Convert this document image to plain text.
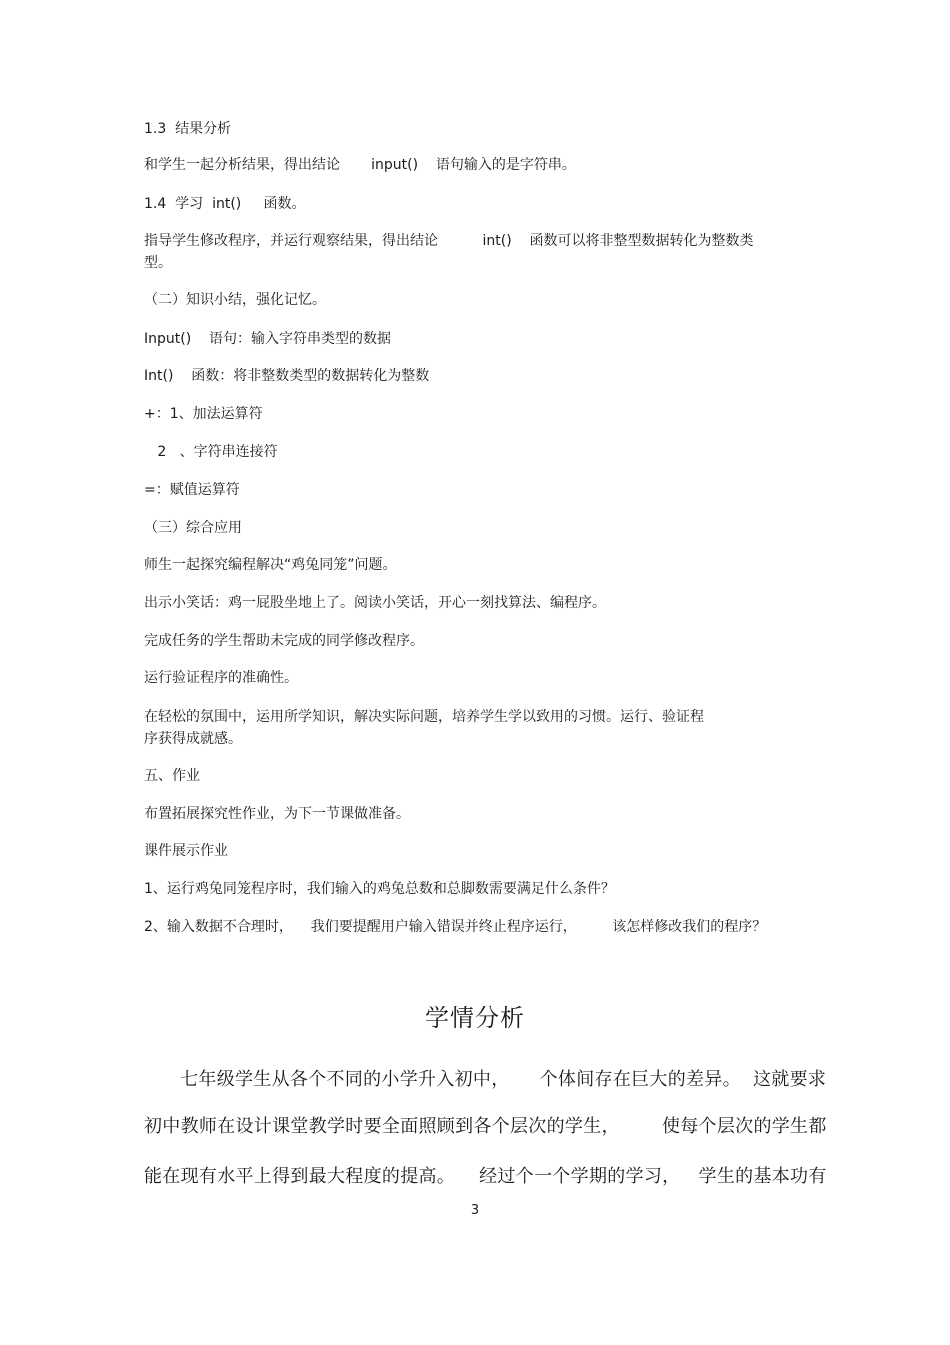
1.3  结果分析
和学生一起分析结果，得出结论       input()    语句输入的是字符串。
1.4  学习  int()     函数。
指导学生修改程序，并运行观察结果，得出结论          int()    函数可以将非整型数据转化为整数类
型。
（二）知识小结，强化记忆。
Input()    语句：输入字符串类型的数据
Int()    函数：将非整数类型的数据转化为整数
+：1、加法运算符
2   、字符串连接符
=：赋值运算符
（三）综合应用
师生一起探究编程解决“鸡兔同笼”问题。
出示小笑话：鸡一屁股坐地上了。阅读小笑话，开心一刻找算法、编程序。
完成任务的学生帮助未完成的同学修改程序。
运行验证程序的准确性。
在轻松的氛围中，运用所学知识，解决实际问题，培养学生学以致用的习惯。运行、验证程
序获得成就感。
五、作业
布置拓展探究性作业，为下一节课做准备。
课件展示作业
1、运行鸡兔同笼程序时，我们输入的鸡兔总数和总脚数需要满足什么条件？
2、输入数据不合理时，    我们要提醒用户输入错误并终止程序运行，        该怎样修改我们的程序？
学情分析
七年级学生从各个不同的小学升入初中，     个体间存在巨大的差异。  这就要求
初中教师在设计课堂教学时要全面照顾到各个层次的学生，       使每个层次的学生都
能在现有水平上得到最大程度的提高。    经过个一个学期的学习，   学生的基本功有
3
